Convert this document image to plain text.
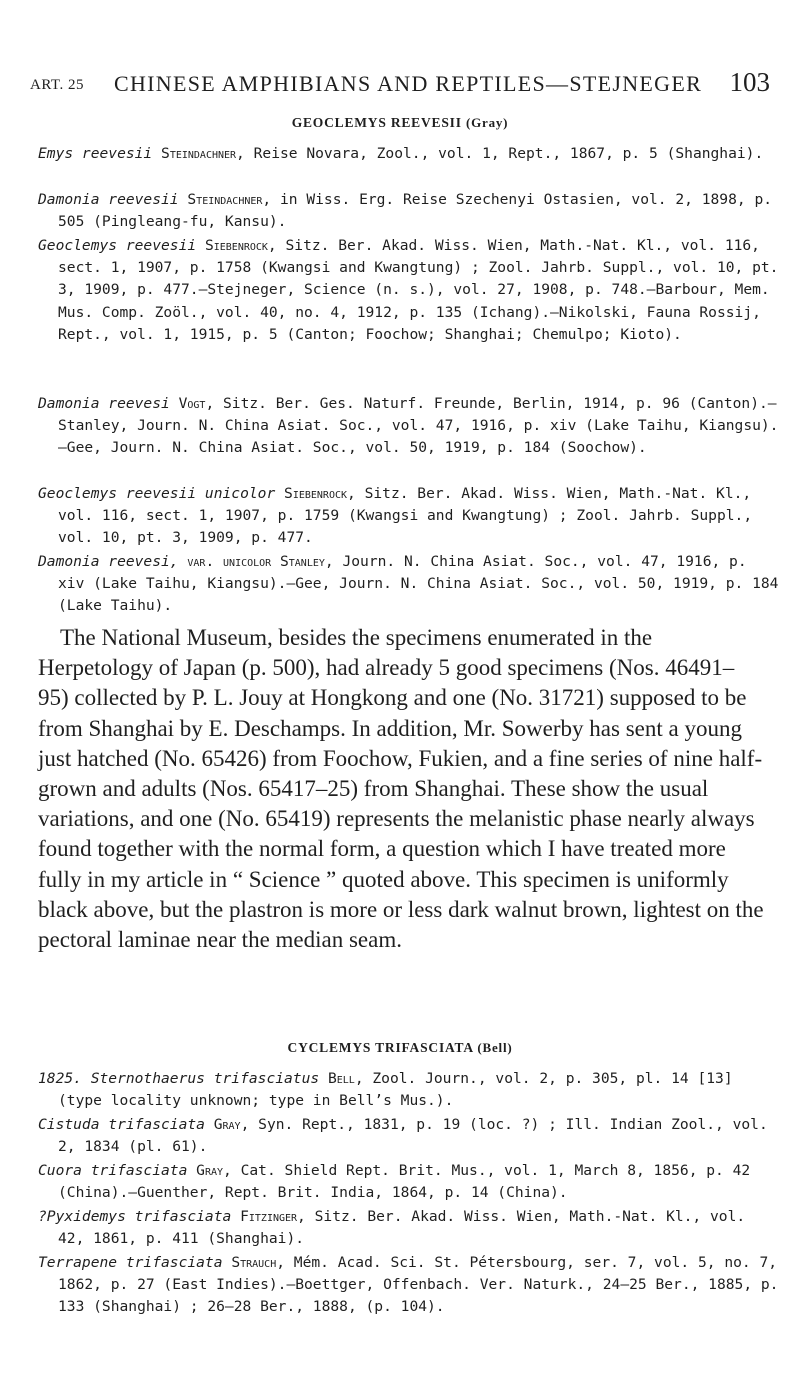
ART. 25 CHINESE AMPHIBIANS AND REPTILES—STEJNEGER 103
GEOCLEMYS REEVESII (Gray)

Emys reevesii Steindachner, Reise Novara, Zool., vol. 1, Rept., 1867, p. 5 (Shanghai).

Damonia reevesii Steindachner, in Wiss. Erg. Reise Szechenyi Ostasien, vol. 2, 1898, p. 505 (Pingleang-fu, Kansu).

Geoclemys reevesii Siebenrock, Sitz. Ber. Akad. Wiss. Wien, Math.-Nat. Kl., vol. 116, sect. 1, 1907, p. 1758 (Kwangsi and Kwangtung) ; Zool. Jahrb. Suppl., vol. 10, pt. 3, 1909, p. 477.—Stejneger, Science (n. s.), vol. 27, 1908, p. 748.—Barbour, Mem. Mus. Comp. Zoöl., vol. 40, no. 4, 1912, p. 135 (Ichang).—Nikolski, Fauna Rossij, Rept., vol. 1, 1915, p. 5 (Canton; Foochow; Shanghai; Chemulpo; Kioto).

Damonia reevesi Vogt, Sitz. Ber. Ges. Naturf. Freunde, Berlin, 1914, p. 96 (Canton).—Stanley, Journ. N. China Asiat. Soc., vol. 47, 1916, p. xiv (Lake Taihu, Kiangsu).—Gee, Journ. N. China Asiat. Soc., vol. 50, 1919, p. 184 (Soochow).

Geoclemys reevesii unicolor Siebenrock, Sitz. Ber. Akad. Wiss. Wien, Math.-Nat. Kl., vol. 116, sect. 1, 1907, p. 1759 (Kwangsi and Kwangtung) ; Zool. Jahrb. Suppl., vol. 10, pt. 3, 1909, p. 477.

Damonia reevesi, var. unicolor Stanley, Journ. N. China Asiat. Soc., vol. 47, 1916, p. xiv (Lake Taihu, Kiangsu).—Gee, Journ. N. China Asiat. Soc., vol. 50, 1919, p. 184 (Lake Taihu).

The National Museum, besides the specimens enumerated in the Herpetology of Japan (p. 500), had already 5 good specimens (Nos. 46491–95) collected by P. L. Jouy at Hongkong and one (No. 31721) supposed to be from Shanghai by E. Deschamps. In addition, Mr. Sowerby has sent a young just hatched (No. 65426) from Foochow, Fukien, and a fine series of nine half-grown and adults (Nos. 65417–25) from Shanghai. These show the usual variations, and one (No. 65419) represents the melanistic phase nearly always found together with the normal form, a question which I have treated more fully in my article in “ Science ” quoted above. This specimen is uniformly black above, but the plastron is more or less dark walnut brown, lightest on the pectoral laminae near the median seam.

CYCLEMYS TRIFASCIATA (Bell)

1825. Sternothaerus trifasciatus Bell, Zool. Journ., vol. 2, p. 305, pl. 14 [13] (type locality unknown; type in Bell’s Mus.).

Cistuda trifasciata Gray, Syn. Rept., 1831, p. 19 (loc. ?) ; Ill. Indian Zool., vol. 2, 1834 (pl. 61).

Cuora trifasciata Gray, Cat. Shield Rept. Brit. Mus., vol. 1, March 8, 1856, p. 42 (China).—Guenther, Rept. Brit. India, 1864, p. 14 (China).

?Pyxidemys trifasciata Fitzinger, Sitz. Ber. Akad. Wiss. Wien, Math.-Nat. Kl., vol. 42, 1861, p. 411 (Shanghai).

Terrapene trifasciata Strauch, Mém. Acad. Sci. St. Pétersbourg, ser. 7, vol. 5, no. 7, 1862, p. 27 (East Indies).—Boettger, Offenbach. Ver. Naturk., 24–25 Ber., 1885, p. 133 (Shanghai) ; 26–28 Ber., 1888, (p. 104).
